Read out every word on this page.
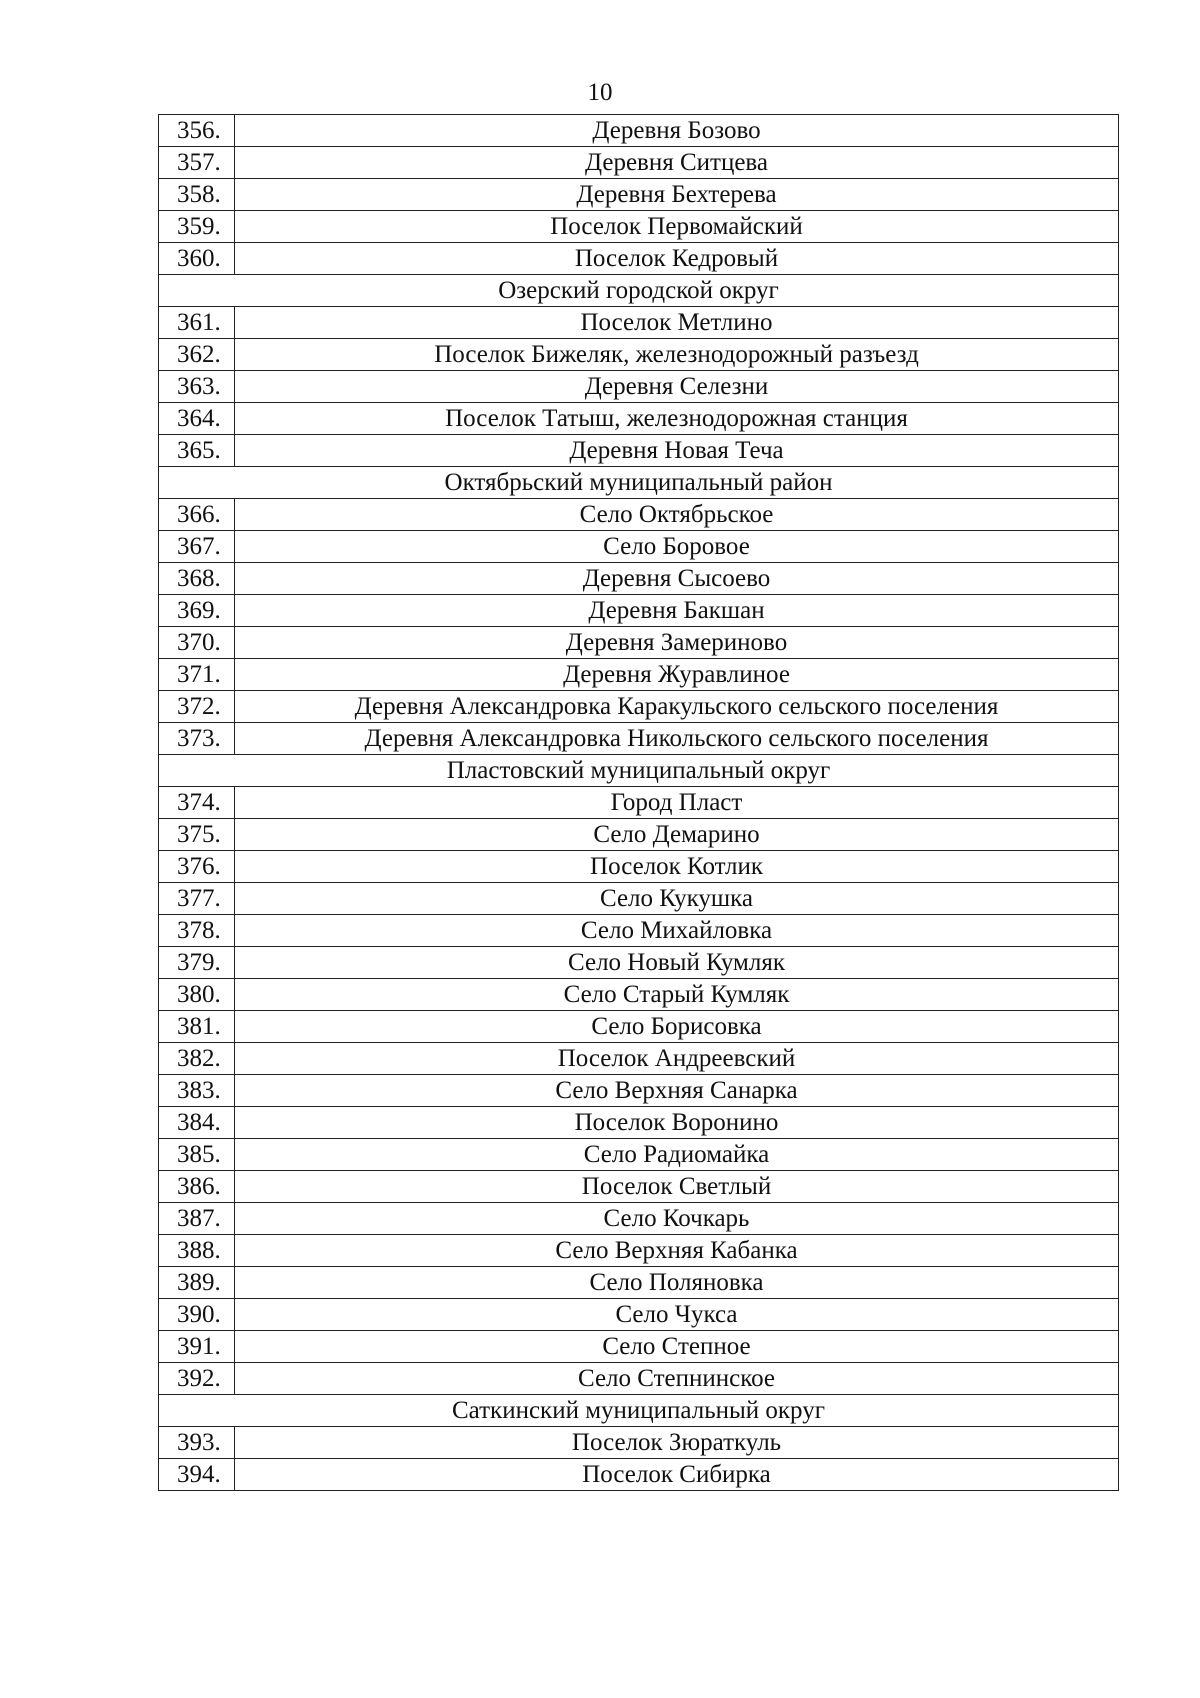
10
356.	Деревня Бозово
357.	Деревня Ситцева
358.	Деревня Бехтерева
359.	Поселок Первомайский
360.	Поселок Кедровый
Озерский городской округ	
361.	Поселок Метлино
362.	Поселок Бижеляк, железнодорожный разъезд
363.	Деревня Селезни
364.	Поселок Татыш, железнодорожная станция
365.	Деревня Новая Теча
Октябрьский муниципальный район	
366.	Село Октябрьское
367.	Село Боровое
368.	Деревня Сысоево
369.	Деревня Бакшан
370.	Деревня Замериново
371.	Деревня Журавлиное
372.	Деревня Александровка Каракульского сельского поселения
373.	Деревня Александровка Никольского сельского поселения
Пластовский муниципальный округ	
374.	Город Пласт
375.	Село Демарино
376.	Поселок Котлик
377.	Село Кукушка
378.	Село Михайловка
379.	Село Новый Кумляк
380.	Село Старый Кумляк
381.	Село Борисовка
382.	Поселок Андреевский
383.	Село Верхняя Санарка
384.	Поселок Воронино
385.	Село Радиомайка
386.	Поселок Светлый
387.	Село Кочкарь
388.	Село Верхняя Кабанка
389.	Село Поляновка
390.	Село Чукса
391.	Село Степное
392.	Село Степнинское
Саткинский муниципальный округ	
393.	Поселок Зюраткуль
394.	Поселок Сибирка
